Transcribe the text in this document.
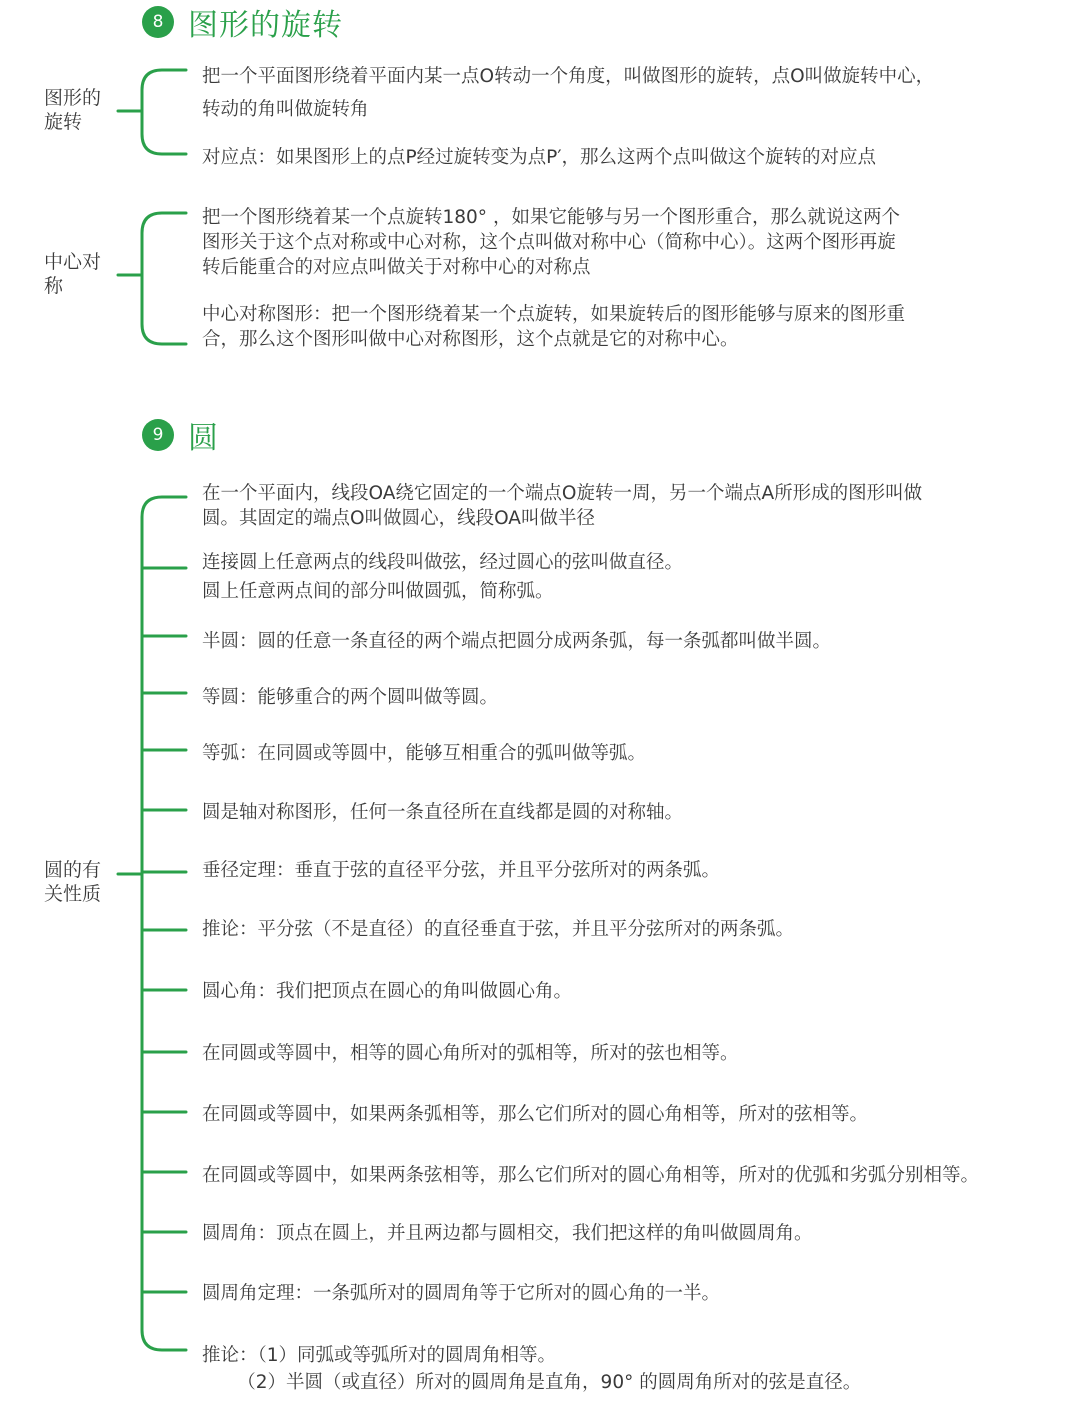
8 图形的旋转
图形的
旋转
把一个平面图形绕着平面内某一点O转动一个角度，叫做图形的旋转，点O叫做旋转中心，
转动的角叫做旋转角
对应点：如果图形上的点P经过旋转变为点P′，那么这两个点叫做这个旋转的对应点
中心对
称
把一个图形绕着某一个点旋转180° ，如果它能够与另一个图形重合，那么就说这两个
图形关于这个点对称或中心对称，这个点叫做对称中心（简称中心）。这两个图形再旋
转后能重合的对应点叫做关于对称中心的对称点
中心对称图形：把一个图形绕着某一个点旋转，如果旋转后的图形能够与原来的图形重
合，那么这个图形叫做中心对称图形，这个点就是它的对称中心。
9 圆
圆的有
关性质
在一个平面内，线段OA绕它固定的一个端点O旋转一周，另一个端点A所形成的图形叫做
圆。其固定的端点O叫做圆心，线段OA叫做半径
连接圆上任意两点的线段叫做弦，经过圆心的弦叫做直径。
圆上任意两点间的部分叫做圆弧，简称弧。
半圆：圆的任意一条直径的两个端点把圆分成两条弧，每一条弧都叫做半圆。
等圆：能够重合的两个圆叫做等圆。
等弧：在同圆或等圆中，能够互相重合的弧叫做等弧。
圆是轴对称图形，任何一条直径所在直线都是圆的对称轴。
垂径定理：垂直于弦的直径平分弦，并且平分弦所对的两条弧。
推论：平分弦（不是直径）的直径垂直于弦，并且平分弦所对的两条弧。
圆心角：我们把顶点在圆心的角叫做圆心角。
在同圆或等圆中，相等的圆心角所对的弧相等，所对的弦也相等。
在同圆或等圆中，如果两条弧相等，那么它们所对的圆心角相等，所对的弦相等。
在同圆或等圆中，如果两条弦相等，那么它们所对的圆心角相等，所对的优弧和劣弧分别相等。
圆周角：顶点在圆上，并且两边都与圆相交，我们把这样的角叫做圆周角。
圆周角定理：一条弧所对的圆周角等于它所对的圆心角的一半。
推论：（1）同弧或等弧所对的圆周角相等。
（2）半圆（或直径）所对的圆周角是直角，90° 的圆周角所对的弦是直径。
